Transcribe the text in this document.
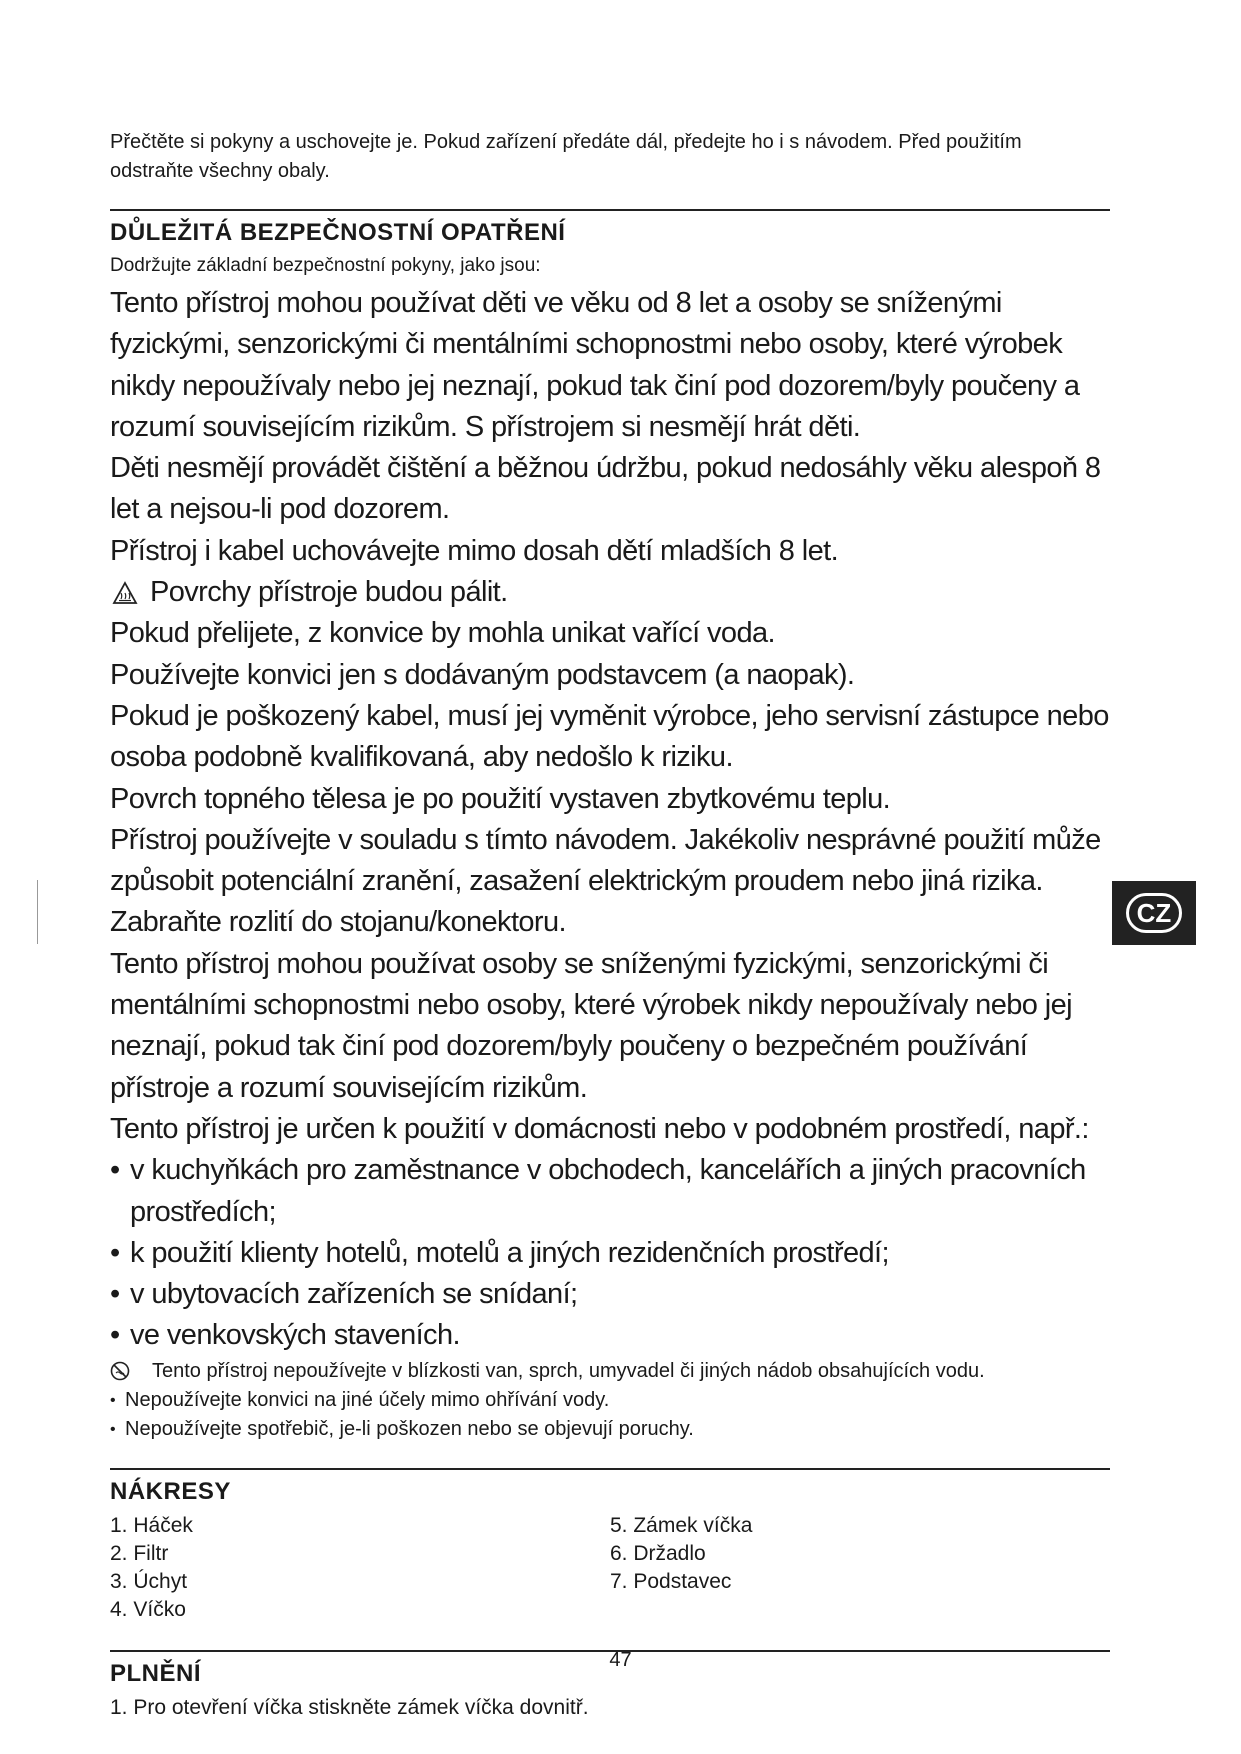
Přečtěte si pokyny a uschovejte je. Pokud zařízení předáte dál, předejte ho i s návodem. Před použitím odstraňte všechny obaly.
DŮLEŽITÁ BEZPEČNOSTNÍ OPATŘENÍ
Dodržujte základní bezpečnostní pokyny, jako jsou:

Tento přístroj mohou používat děti ve věku od 8 let a osoby se sníženými fyzickými, senzorickými či mentálními schopnostmi nebo osoby, které výrobek nikdy nepoužívaly nebo jej neznají, pokud tak činí pod dozorem/byly poučeny a rozumí souvisejícím rizikům. S přístrojem si nesmějí hrát děti.

Děti nesmějí provádět čištění a běžnou údržbu, pokud nedosáhly věku alespoň 8 let a nejsou-li pod dozorem.

Přístroj i kabel uchovávejte mimo dosah dětí mladších 8 let.

Povrchy přístroje budou pálit.

Pokud přelijete, z konvice by mohla unikat vařící voda.

Používejte konvici jen s dodávaným podstavcem (a naopak).

Pokud je poškozený kabel, musí jej vyměnit výrobce, jeho servisní zástupce nebo osoba podobně kvalifikovaná, aby nedošlo k riziku.

Povrch topného tělesa je po použití vystaven zbytkovému teplu.

Přístroj používejte v souladu s tímto návodem. Jakékoliv nesprávné použití může způsobit potenciální zranění, zasažení elektrickým proudem nebo jiná rizika.

Zabraňte rozlití do stojanu/konektoru.

Tento přístroj mohou používat osoby se sníženými fyzickými, senzorickými či mentálními schopnostmi nebo osoby, které výrobek nikdy nepoužívaly nebo jej neznají, pokud tak činí pod dozorem/byly poučeny o bezpečném používání přístroje a rozumí souvisejícím rizikům.

Tento přístroj je určen k použití v domácnosti nebo v podobném prostředí, např.:

• v kuchyňkách pro zaměstnance v obchodech, kancelářích a jiných pracovních prostředích;
• k použití klienty hotelů, motelů a jiných rezidenčních prostředí;
• v ubytovacích zařízeních se snídaní;
• ve venkovských staveních.

Tento přístroj nepoužívejte v blízkosti van, sprch, umyvadel či jiných nádob obsahujících vodu.

• Nepoužívejte konvici na jiné účely mimo ohřívání vody.
• Nepoužívejte spotřebič, je-li poškozen nebo se objevují poruchy.
NÁKRESY
1. Háček
2. Filtr
3. Úchyt
4. Víčko
5. Zámek víčka
6. Držadlo
7. Podstavec
PLNĚNÍ
1. Pro otevření víčka stiskněte zámek víčka dovnitř.
CZ
47
